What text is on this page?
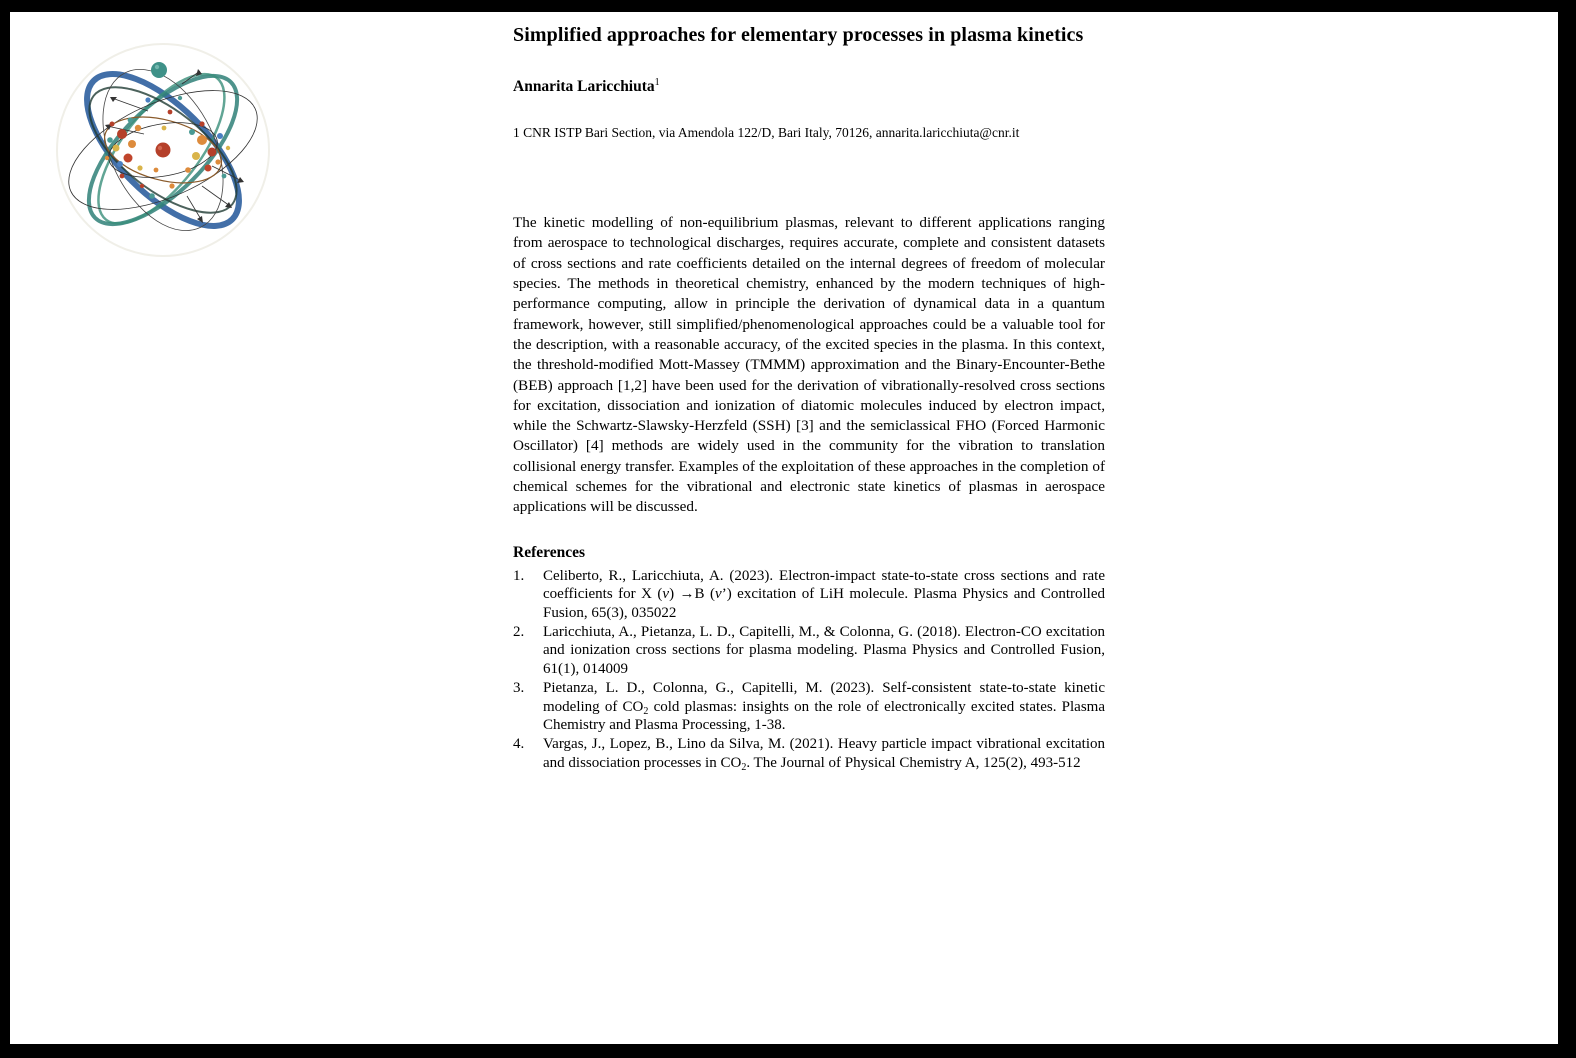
Simplified approaches for elementary processes in plasma kinetics
Annarita Laricchiuta$^1$
1 CNR ISTP Bari Section, via Amendola 122/D, Bari Italy, 70126, annarita.laricchiuta@cnr.it
The kinetic modelling of non-equilibrium plasmas, relevant to different applications ranging from aerospace to technological discharges, requires accurate, complete and consistent datasets of cross sections and rate coefficients detailed on the internal degrees of freedom of molecular species. The methods in theoretical chemistry, enhanced by the modern techniques of high-performance computing, allow in principle the derivation of dynamical data in a quantum framework, however, still simplified/phenomenological approaches could be a valuable tool for the description, with a reasonable accuracy, of the excited species in the plasma. In this context, the threshold-modified Mott-Massey (TMMM) approximation and the Binary-Encounter-Bethe (BEB) approach [1,2] have been used for the derivation of vibrationally-resolved cross sections for excitation, dissociation and ionization of diatomic molecules induced by electron impact, while the Schwartz-Slawsky-Herzfeld (SSH) [3] and the semiclassical FHO (Forced Harmonic Oscillator) [4] methods are widely used in the community for the vibration to translation collisional energy transfer. Examples of the exploitation of these approaches in the completion of chemical schemes for the vibrational and electronic state kinetics of plasmas in aerospace applications will be discussed.
References
1.	Celiberto, R., Laricchiuta, A. (2023). Electron-impact state-to-state cross sections and rate coefficients for X (v) →B (v’) excitation of LiH molecule. Plasma Physics and Controlled Fusion, 65(3), 035022
2.	Laricchiuta, A., Pietanza, L. D., Capitelli, M., & Colonna, G. (2018). Electron-CO excitation and ionization cross sections for plasma modeling. Plasma Physics and Controlled Fusion, 61(1), 014009
3.	Pietanza, L. D., Colonna, G., Capitelli, M. (2023). Self-consistent state-to-state kinetic modeling of $CO_2$ cold plasmas: insights on the role of electronically excited states. Plasma Chemistry and Plasma Processing, 1-38.
4.	Vargas, J., Lopez, B., Lino da Silva, M. (2021). Heavy particle impact vibrational excitation and dissociation processes in $CO_2$. The Journal of Physical Chemistry A, 125(2), 493-512
